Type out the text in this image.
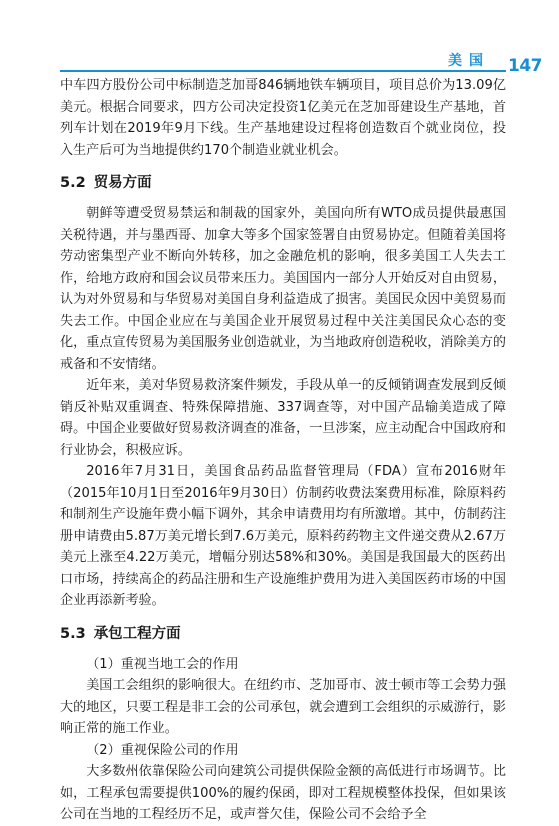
美国	147

中车四方股份公司中标制造芝加哥846辆地铁车辆项目，项目总价为13.09亿美元。根据合同要求，四方公司决定投资1亿美元在芝加哥建设生产基地，首列车计划在2019年9月下线。生产基地建设过程将创造数百个就业岗位，投入生产后可为当地提供约170个制造业就业机会。

5.2 贸易方面

朝鲜等遭受贸易禁运和制裁的国家外，美国向所有WTO成员提供最惠国关税待遇，并与墨西哥、加拿大等多个国家签署自由贸易协定。但随着美国将劳动密集型产业不断向外转移，加之金融危机的影响，很多美国工人失去工作，给地方政府和国会议员带来压力。美国国内一部分人开始反对自由贸易，认为对外贸易和与华贸易对美国自身利益造成了损害。美国民众因中美贸易而失去工作。中国企业应在与美国企业开展贸易过程中关注美国民众心态的变化，重点宣传贸易为美国服务业创造就业，为当地政府创造税收，消除美方的戒备和不安情绪。

近年来，美对华贸易救济案件频发，手段从单一的反倾销调查发展到反倾销反补贴双重调查、特殊保障措施、337调查等，对中国产品输美造成了障碍。中国企业要做好贸易救济调查的准备，一旦涉案，应主动配合中国政府和行业协会，积极应诉。

2016年7月31日，美国食品药品监督管理局（FDA）宣布2016财年（2015年10月1日至2016年9月30日）仿制药收费法案费用标准，除原料药和制剂生产设施年费小幅下调外，其余申请费用均有所激增。其中，仿制药注册申请费由5.87万美元增长到7.6万美元，原料药药物主文件递交费从2.67万美元上涨至4.22万美元，增幅分别达58%和30%。美国是我国最大的医药出口市场，持续高企的药品注册和生产设施维护费用为进入美国医药市场的中国企业再添新考验。

5.3 承包工程方面

（1）重视当地工会的作用

美国工会组织的影响很大。在纽约市、芝加哥市、波士顿市等工会势力强大的地区，只要工程是非工会的公司承包，就会遭到工会组织的示威游行，影响正常的施工作业。

（2）重视保险公司的作用

大多数州依靠保险公司向建筑公司提供保险金额的高低进行市场调节。比如，工程承包需要提供100%的履约保函，即对工程规模整体投保，但如果该公司在当地的工程经历不足，或声誉欠佳，保险公司不会给予全
